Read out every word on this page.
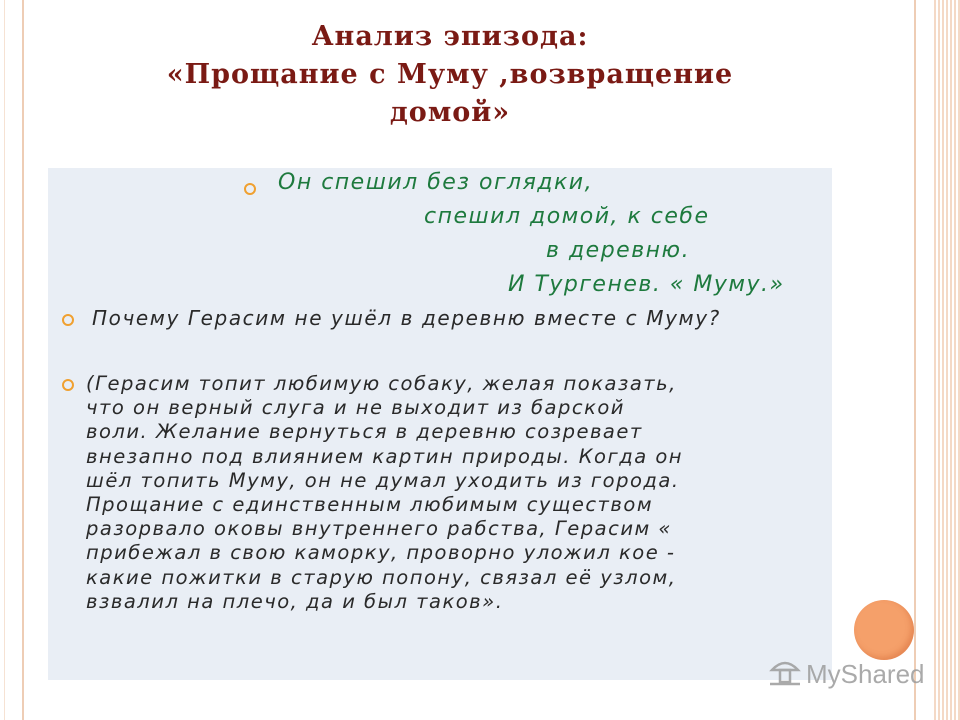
Анализ эпизода:
«Прощание с Муму ,возвращение
домой»
Он спешил без оглядки,
спешил домой, к себе
в деревню.
И Тургенев. « Муму.»
Почему Герасим не ушёл в деревню вместе с Муму?
(Герасим топит любимую собаку, желая показать,
что он верный слуга и не выходит из барской
воли. Желание вернуться в деревню созревает
внезапно под влиянием картин природы. Когда он
шёл топить Муму, он не думал уходить из города.
Прощание с единственным любимым существом
разорвало оковы внутреннего рабства, Герасим «
прибежал в свою каморку, проворно уложил кое -
какие пожитки в старую попону, связал её узлом,
взвалил на плечо, да и был таков».
MyShared
